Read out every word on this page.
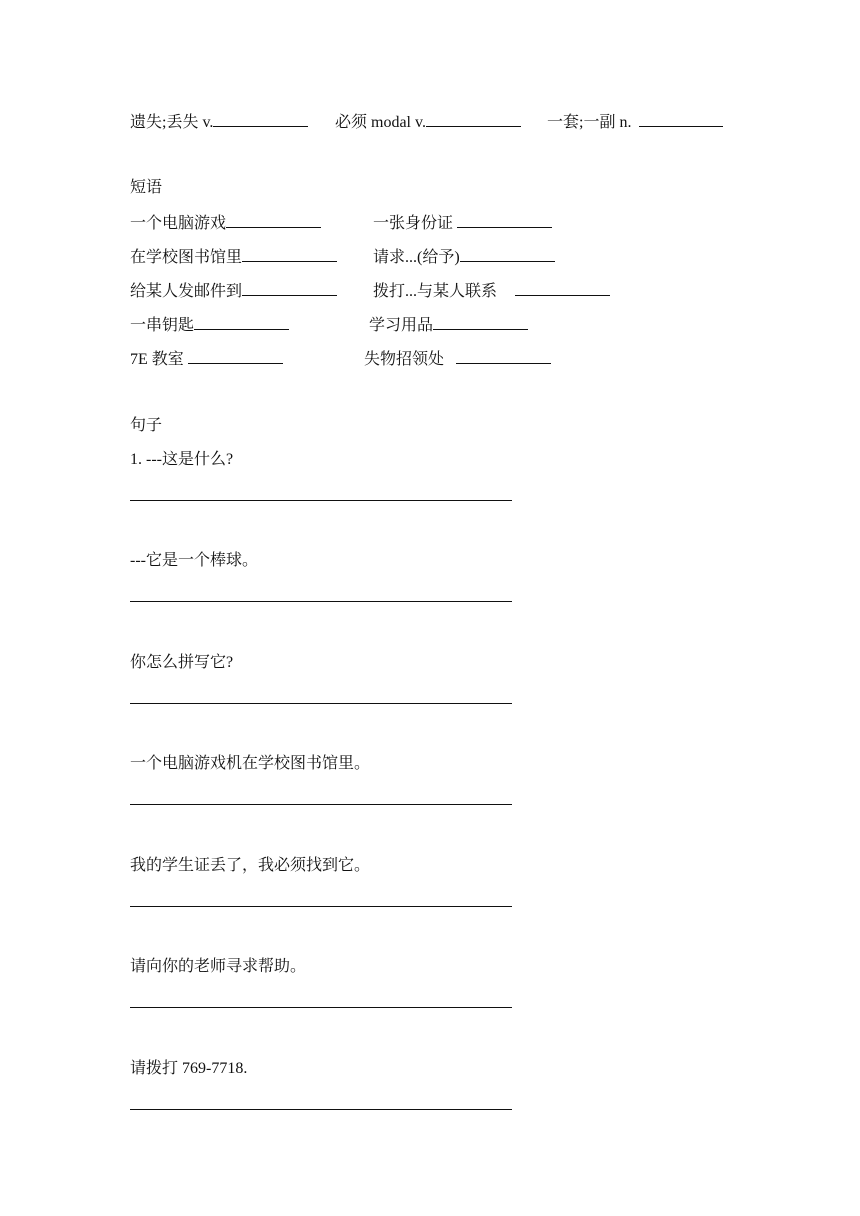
遗失;丢失 v.	必须 modal v.	一套;一副 n.
短语
一个电脑游戏	一张身份证
在学校图书馆里	请求...(给予)
给某人发邮件到	拨打...与某人联系
一串钥匙	学习用品
7E 教室	失物招领处
句子
1. ---这是什么?
---它是一个棒球。
你怎么拼写它?
一个电脑游戏机在学校图书馆里。
我的学生证丢了，我必须找到它。
请向你的老师寻求帮助。
请拨打 769-7718.
